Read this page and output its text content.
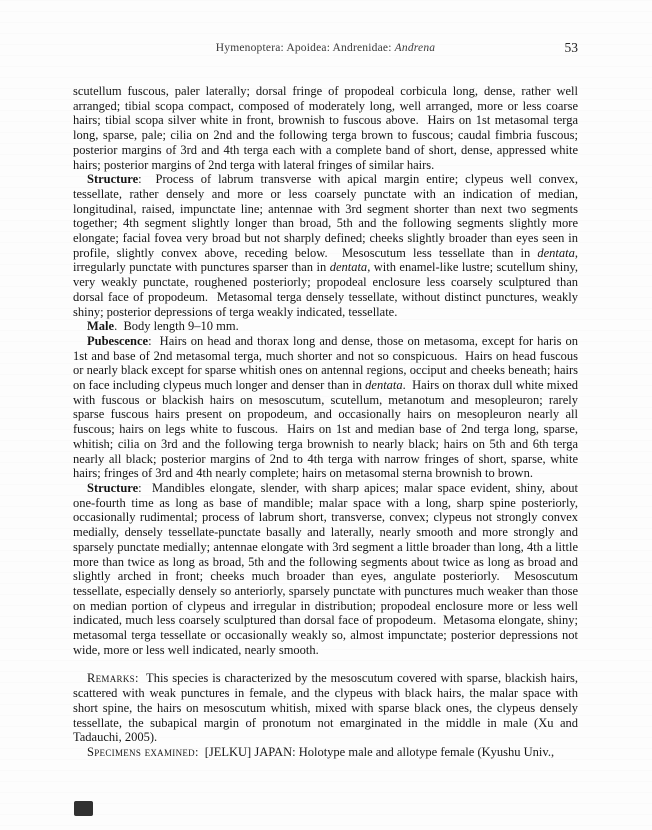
Hymenoptera: Apoidea: Andrenidae: Andrena	53

scutellum fuscous, paler laterally; dorsal fringe of propodeal corbicula long, dense, rather well arranged; tibial scopa compact, composed of moderately long, well arranged, more or less coarse hairs; tibial scopa silver white in front, brownish to fuscous above.  Hairs on 1st metasomal terga long, sparse, pale; cilia on 2nd and the following terga brown to fuscous; caudal fimbria fuscous; posterior margins of 3rd and 4th terga each with a complete band of short, dense, appressed white hairs; posterior margins of 2nd terga with lateral fringes of similar hairs.

Structure:  Process of labrum transverse with apical margin entire; clypeus well convex, tessellate, rather densely and more or less coarsely punctate with an indication of median, longitudinal, raised, impunctate line; antennae with 3rd segment shorter than next two segments together; 4th segment slightly longer than broad, 5th and the following segments slightly more elongate; facial fovea very broad but not sharply defined; cheeks slightly broader than eyes seen in profile, slightly convex above, receding below.  Mesoscutum less tessellate than in dentata, irregularly punctate with punctures sparser than in dentata, with enamel-like lustre; scutellum shiny, very weakly punctate, roughened posteriorly; propodeal enclosure less coarsely sculptured than dorsal face of propodeum.  Metasomal terga densely tessellate, without distinct punctures, weakly shiny; posterior depressions of terga weakly indicated, tessellate.

Male.  Body length 9–10 mm.

Pubescence:  Hairs on head and thorax long and dense, those on metasoma, except for haris on 1st and base of 2nd metasomal terga, much shorter and not so conspicuous.  Hairs on head fuscous or nearly black except for sparse whitish ones on antennal regions, occiput and cheeks beneath; hairs on face including clypeus much longer and denser than in dentata.  Hairs on thorax dull white mixed with fuscous or blackish hairs on mesoscutum, scutellum, metanotum and mesopleuron; rarely sparse fuscous hairs present on propodeum, and occasionally hairs on mesopleuron nearly all fuscous; hairs on legs white to fuscous.  Hairs on 1st and median base of 2nd terga long, sparse, whitish; cilia on 3rd and the following terga brownish to nearly black; hairs on 5th and 6th terga nearly all black; posterior margins of 2nd to 4th terga with narrow fringes of short, sparse, white hairs; fringes of 3rd and 4th nearly complete; hairs on metasomal sterna brownish to brown.

Structure:  Mandibles elongate, slender, with sharp apices; malar space evident, shiny, about one-fourth time as long as base of mandible; malar space with a long, sharp spine posteriorly, occasionally rudimental; process of labrum short, transverse, convex; clypeus not strongly convex medially, densely tessellate-punctate basally and laterally, nearly smooth and more strongly and sparsely punctate medially; antennae elongate with 3rd segment a little broader than long, 4th a little more than twice as long as broad, 5th and the following segments about twice as long as broad and slightly arched in front; cheeks much broader than eyes, angulate posteriorly.  Mesoscutum tessellate, especially densely so anteriorly, sparsely punctate with punctures much weaker than those on median portion of clypeus and irregular in distribution; propodeal enclosure more or less well indicated, much less coarsely sculptured than dorsal face of propodeum.  Metasoma elongate, shiny; metasomal terga tessellate or occasionally weakly so, almost impunctate; posterior depressions not wide, more or less well indicated, nearly smooth.

Remarks:  This species is characterized by the mesoscutum covered with sparse, blackish hairs, scattered with weak punctures in female, and the clypeus with black hairs, the malar space with short spine, the hairs on mesoscutum whitish, mixed with sparse black ones, the clypeus densely tessellate, the subapical margin of pronotum not emarginated in the middle in male (Xu and Tadauchi, 2005).

Specimens examined:  [JELKU] JAPAN: Holotype male and allotype female (Kyushu Univ.,
